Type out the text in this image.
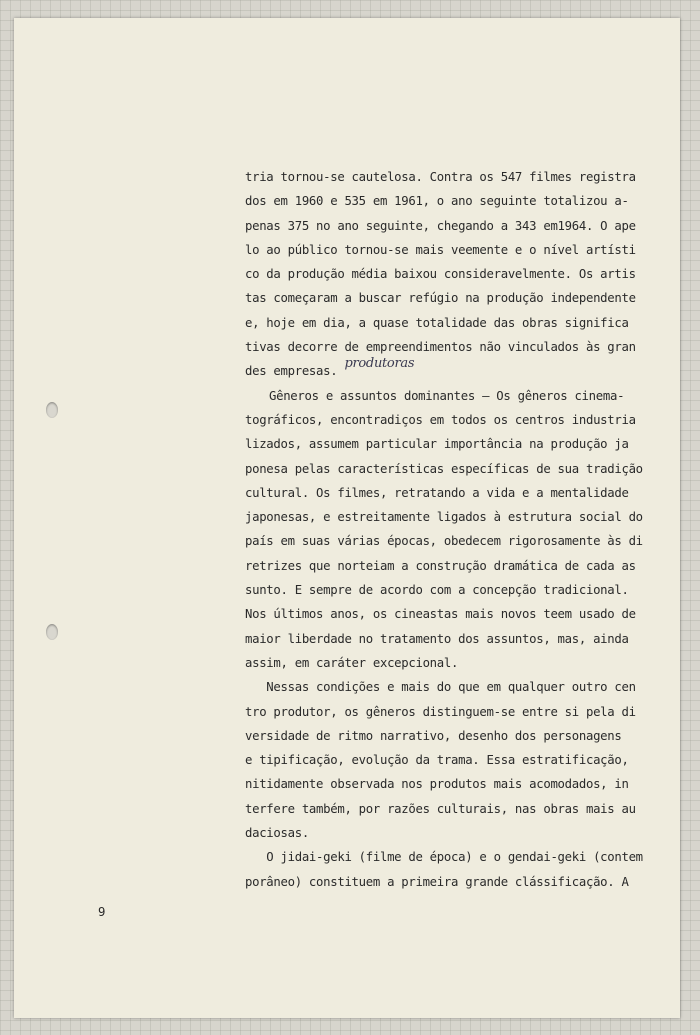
tria tornou-se cautelosa. Contra os 547 filmes registra
dos em 1960 e 535 em 1961, o ano seguinte totalizou a-
penas 375 no ano seguinte, chegando a 343 em1964. O ape
lo ao público tornou-se mais veemente e o nível artísti
co da produção média baixou consideravelmente. Os artis
tas começaram a buscar refúgio na produção independente
e, hoje em dia, a quase totalidade das obras significa
tivas decorre de empreendimentos não vinculados às gran
des empresas. produtoras
Gêneros e assuntos dominantes — Os gêneros cinema-
tográficos, encontradiços em todos os centros industria
lizados, assumem particular importância na produção ja
ponesa pelas características específicas de sua tradição
cultural. Os filmes, retratando a vida e a mentalidade
japonesas, e estreitamente ligados à estrutura social do
país em suas várias épocas, obedecem rigorosamente às di
retrizes que norteiam a construção dramática de cada as
sunto. E sempre de acordo com a concepção tradicional.
Nos últimos anos, os cineastas mais novos teem usado de
maior liberdade no tratamento dos assuntos, mas, ainda
assim, em caráter excepcional.
Nessas condições e mais do que em qualquer outro cen
tro produtor, os gêneros distinguem-se entre si pela di
versidade de ritmo narrativo, desenho dos personagens
e tipificação, evolução da trama. Essa estratificação,
nitidamente observada nos produtos mais acomodados, in
terfere também, por razões culturais, nas obras mais au
daciosas.
O jidai-geki (filme de época) e o gendai-geki (contem
porâneo) constituem a primeira grande clássificação. A
9
